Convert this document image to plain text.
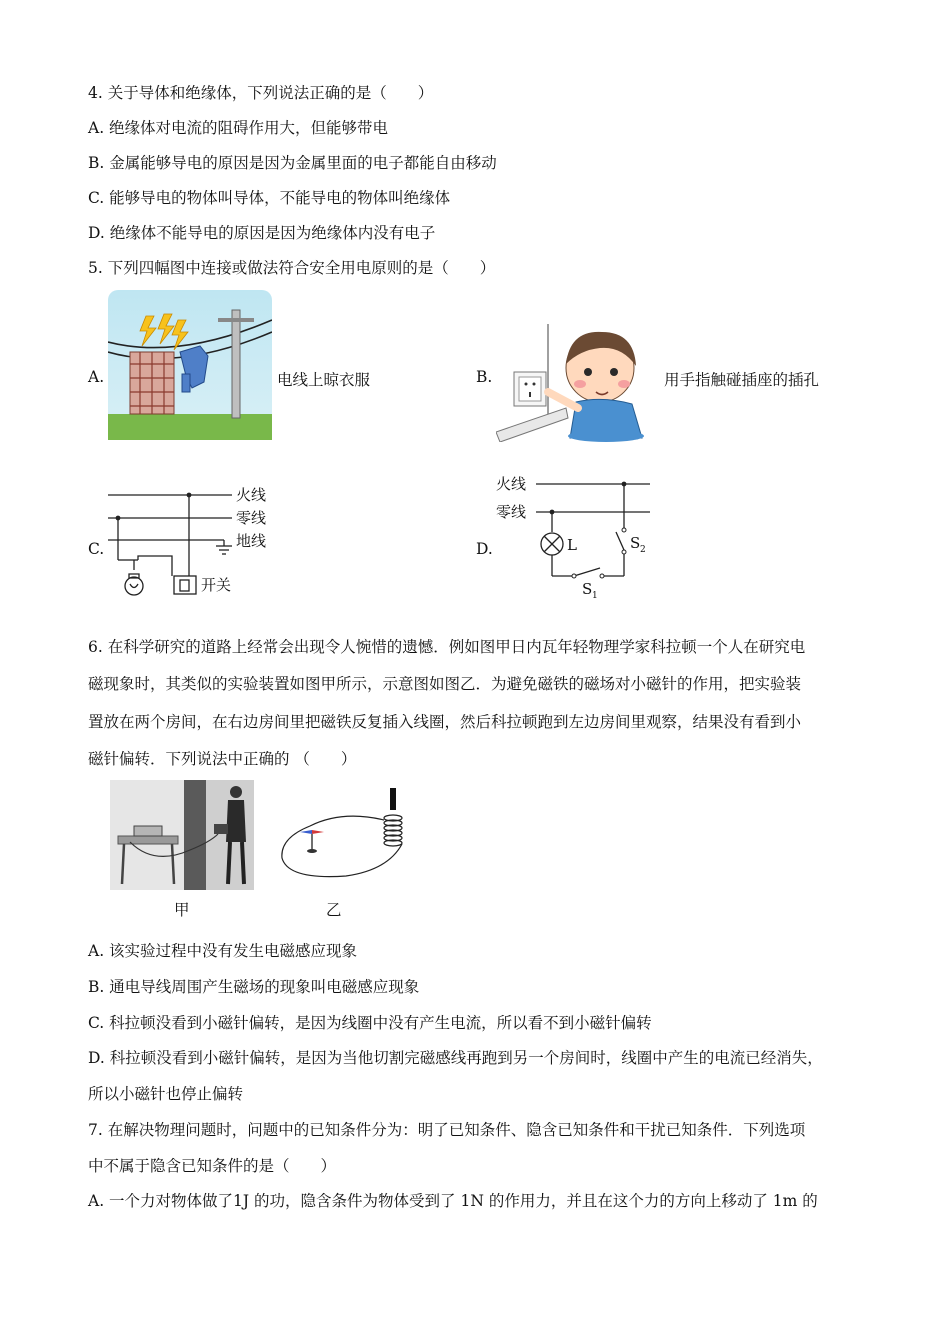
4. 关于导体和绝缘体，下列说法正确的是（　　）
A. 绝缘体对电流的阻碍作用大，但能够带电
B. 金属能够导电的原因是因为金属里面的电子都能自由移动
C. 能够导电的物体叫导体，不能导电的物体叫绝缘体
D. 绝缘体不能导电的原因是因为绝缘体内没有电子
5. 下列四幅图中连接或做法符合安全用电原则的是（　　）
A.	电线上晾衣服	B.	用手指触碰插座的插孔
C.
火线
零线
地线
开关
D.
火线
零线
L
S 1
S 2
6. 在科学研究的道路上经常会出现令人惋惜的遗憾．例如图甲日内瓦年轻物理学家科拉顿一个人在研究电
磁现象时，其类似的实验装置如图甲所示，示意图如图乙．为避免磁铁的磁场对小磁针的作用，把实验装
置放在两个房间，在右边房间里把磁铁反复插入线圈，然后科拉顿跑到左边房间里观察，结果没有看到小
磁针偏转．下列说法中正确的 （　　）
甲	乙
A. 该实验过程中没有发生电磁感应现象
B. 通电导线周围产生磁场的现象叫电磁感应现象
C. 科拉顿没看到小磁针偏转，是因为线圈中没有产生电流，所以看不到小磁针偏转
D. 科拉顿没看到小磁针偏转，是因为当他切割完磁感线再跑到另一个房间时，线圈中产生的电流已经消失，
所以小磁针也停止偏转
7. 在解决物理问题时，问题中的已知条件分为：明了已知条件、隐含已知条件和干扰已知条件．下列选项
中不属于隐含已知条件的是（　　）
A. 一个力对物体做了1J 的功，隐含条件为物体受到了 1N 的作用力，并且在这个力的方向上移动了 1m 的
